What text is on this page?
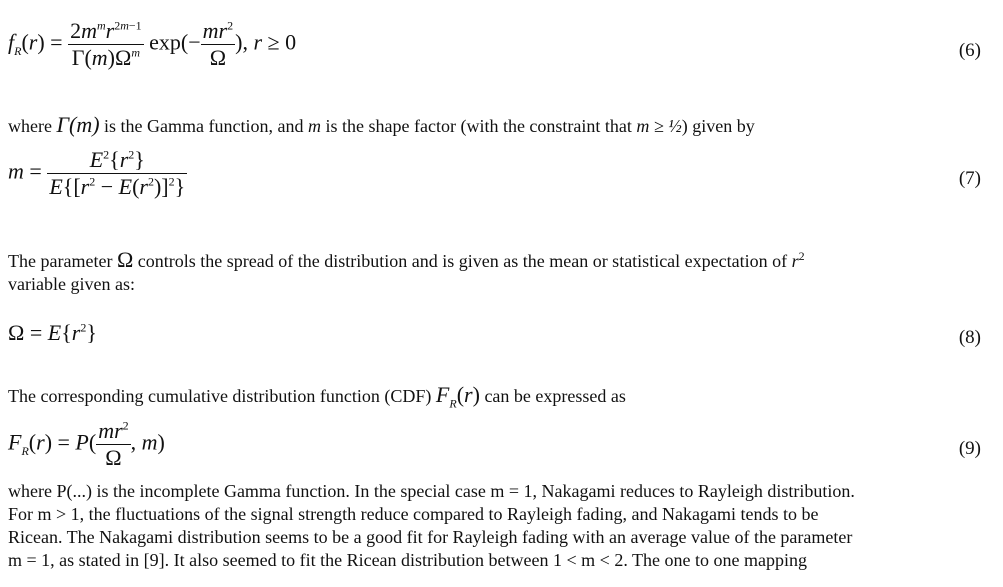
$f_R(r) = \frac{2m^mr^{2m-1}}{\Gamma(m)\Omega^m} \exp(- \frac{mr^2}{\Omega}$ ), r ≥ 0	(6)
where Γ(m) is the Gamma function, and m is the shape factor (with the constraint that m ≥ ½) given by
$m = \frac{E^2\{r^2\}}{E\{[r^2 - E(r^2)]^2\}}$	(7)
The parameter Ω controls the spread of the distribution and is given as the mean or statistical expectation of $r^2$
variable given as:
$\Omega = E\{r^2\}$	(8)
The corresponding cumulative distribution function (CDF) $F_R(r)$ can be expressed as
$F_R(r) = P( \frac{mr^2}{\Omega}$ , m)	(9)
where P(...) is the incomplete Gamma function. In the special case m = 1, Nakagami reduces to Rayleigh distribution.
For m > 1, the fluctuations of the signal strength reduce compared to Rayleigh fading, and Nakagami tends to be
Ricean. The Nakagami distribution seems to be a good fit for Rayleigh fading with an average value of the parameter
m = 1, as stated in [9]. It also seemed to fit the Ricean distribution between 1 < m < 2. The one to one mapping
